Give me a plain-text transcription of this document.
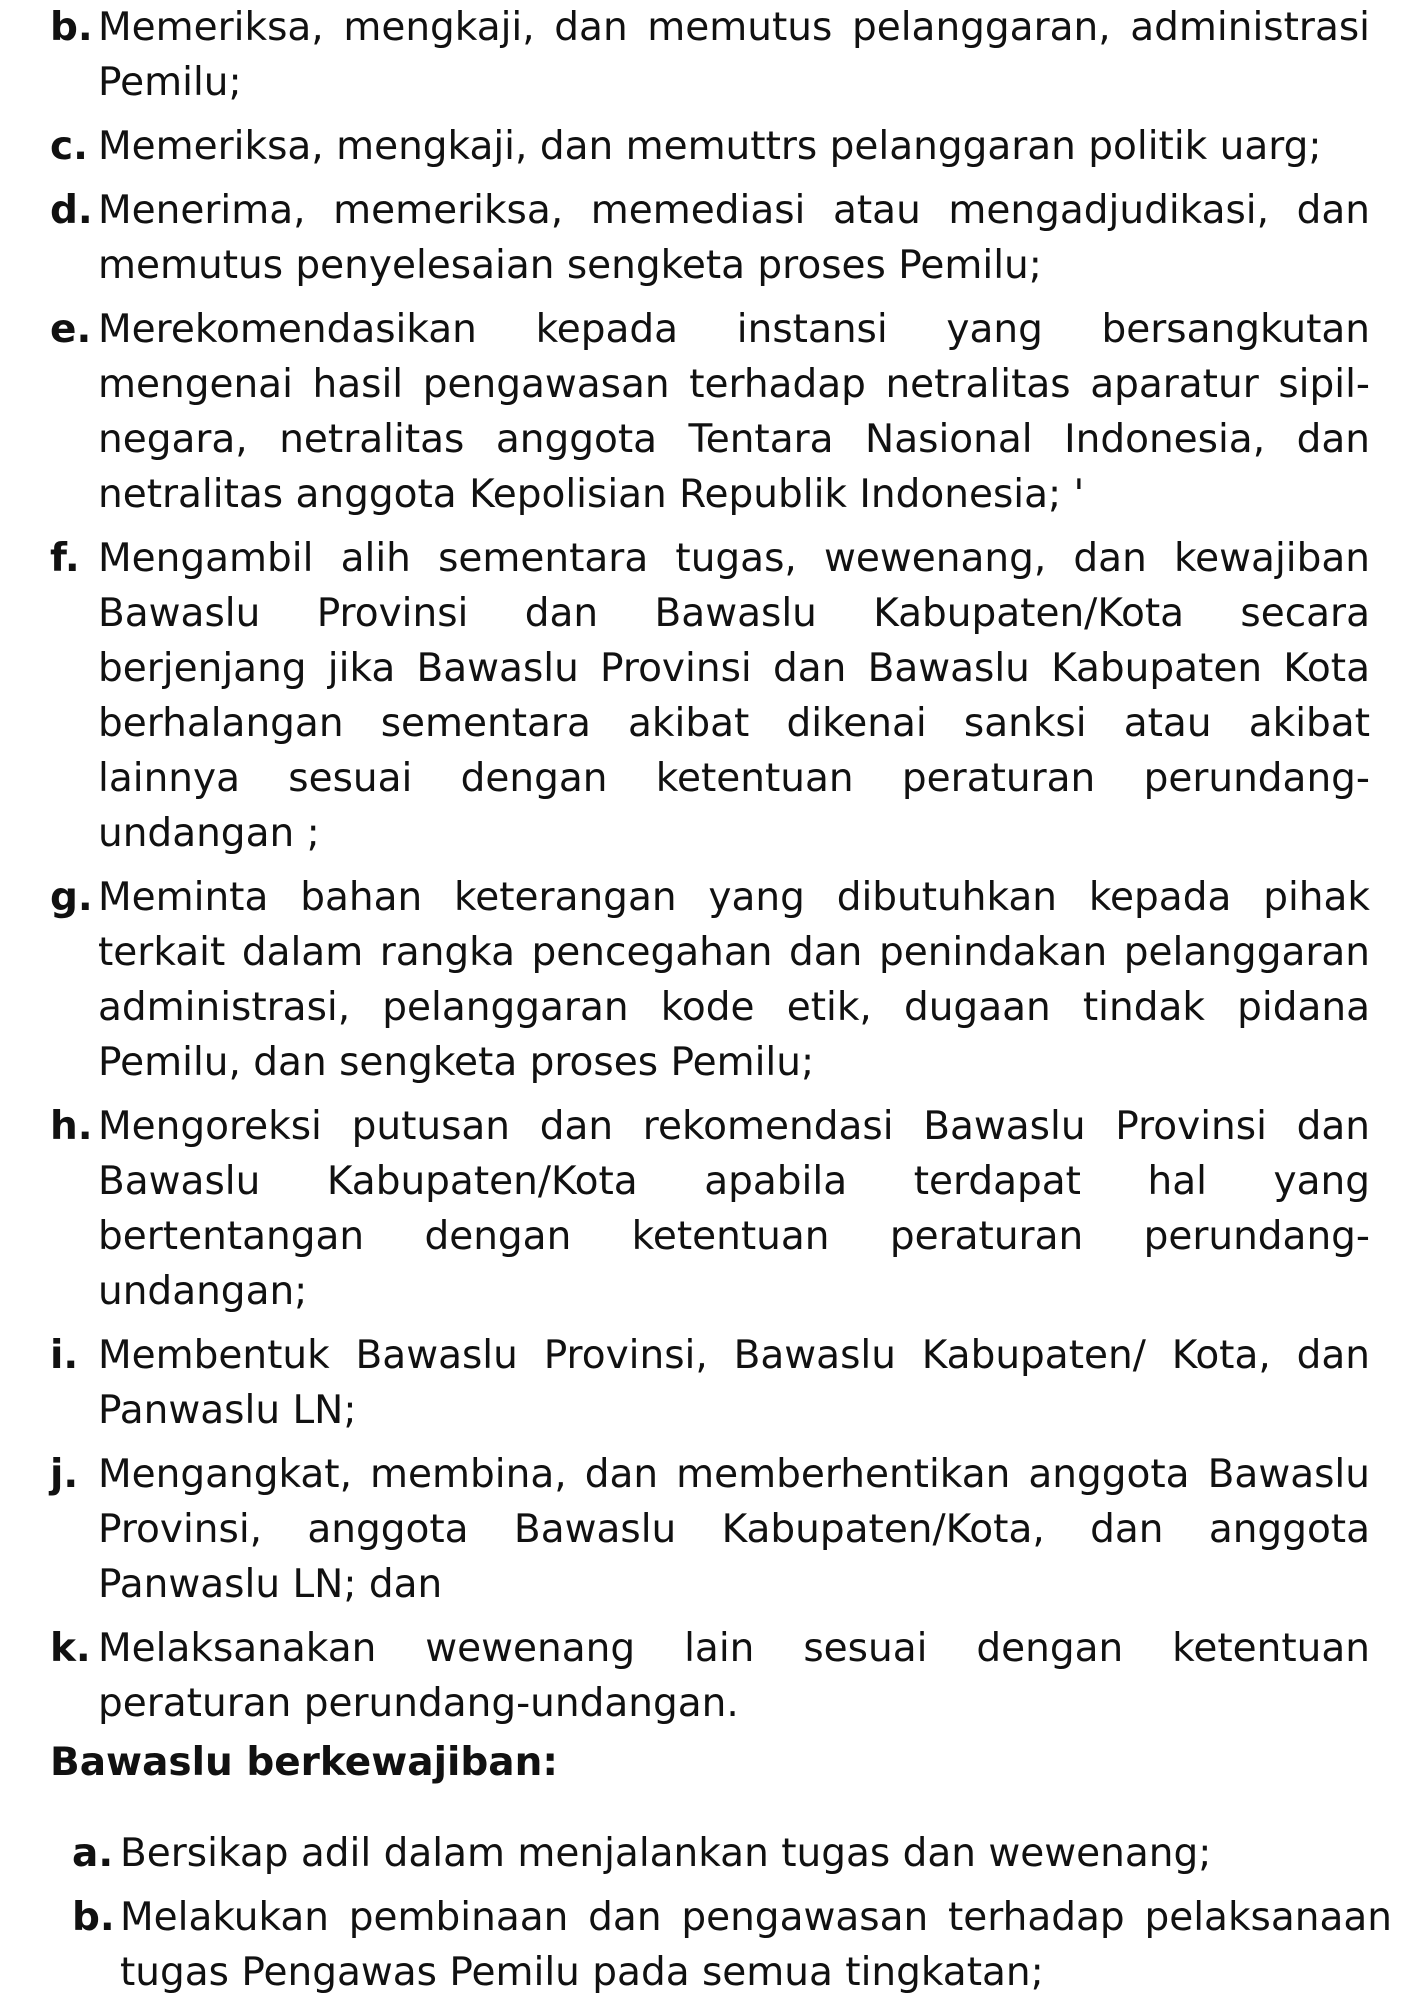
b. Memeriksa, mengkaji, dan memutus pelanggaran, administrasi Pemilu;
c. Memeriksa, mengkaji, dan memuttrs pelanggaran politik uarg;
d. Menerima, memeriksa, memediasi atau mengadjudikasi, dan memutus penyelesaian sengketa proses Pemilu;
e. Merekomendasikan kepada instansi yang bersangkutan mengenai hasil pengawasan terhadap netralitas aparatur sipil-negara, netralitas anggota Tentara Nasional Indonesia, dan netralitas anggota Kepolisian Republik Indonesia; '
f. Mengambil alih sementara tugas, wewenang, dan kewajiban Bawaslu Provinsi dan Bawaslu Kabupaten/Kota secara berjenjang jika Bawaslu Provinsi dan Bawaslu Kabupaten Kota berhalangan sementara akibat dikenai sanksi atau akibat lainnya sesuai dengan ketentuan peraturan perundang-undangan ;
g. Meminta bahan keterangan yang dibutuhkan kepada pihak terkait dalam rangka pencegahan dan penindakan pelanggaran administrasi, pelanggaran kode etik, dugaan tindak pidana Pemilu, dan sengketa proses Pemilu;
h. Mengoreksi putusan dan rekomendasi Bawaslu Provinsi dan Bawaslu Kabupaten/Kota apabila terdapat hal yang bertentangan dengan ketentuan peraturan perundang-undangan;
i. Membentuk Bawaslu Provinsi, Bawaslu Kabupaten/ Kota, dan Panwaslu LN;
j. Mengangkat, membina, dan memberhentikan anggota Bawaslu Provinsi, anggota Bawaslu Kabupaten/Kota, dan anggota Panwaslu LN; dan
k. Melaksanakan wewenang lain sesuai dengan ketentuan peraturan perundang-undangan.
Bawaslu berkewajiban:
a. Bersikap adil dalam menjalankan tugas dan wewenang;
b. Melakukan pembinaan dan pengawasan terhadap pelaksanaan tugas Pengawas Pemilu pada semua tingkatan;
